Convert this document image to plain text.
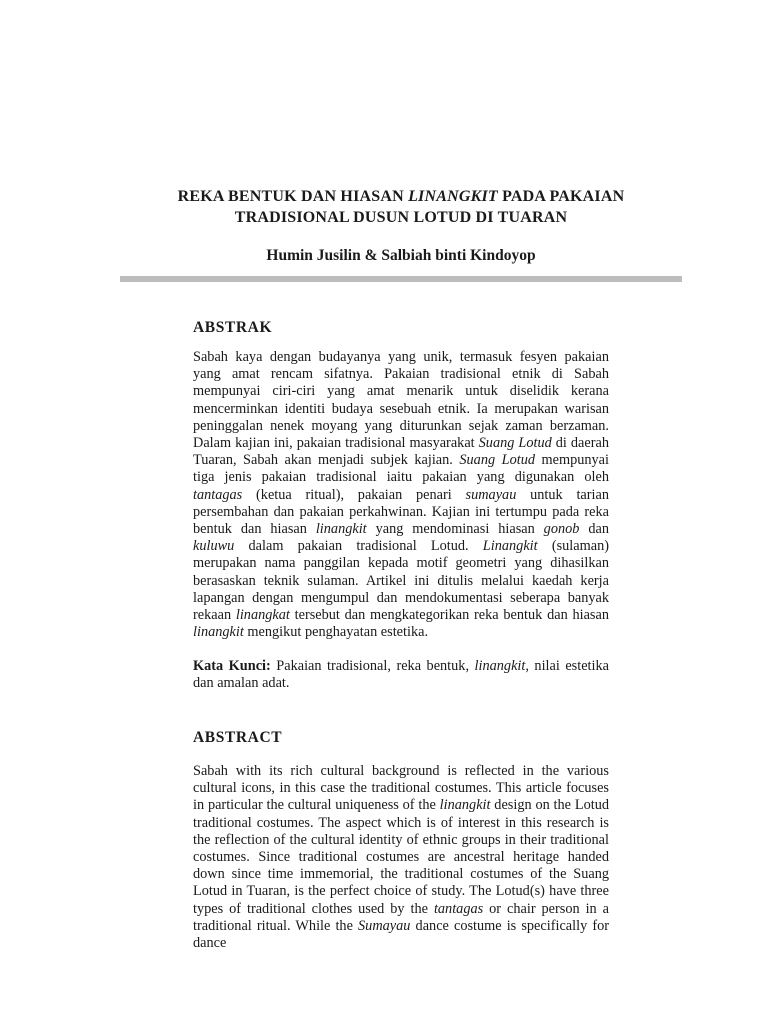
REKA BENTUK DAN HIASAN LINANGKIT PADA PAKAIAN
TRADISIONAL DUSUN LOTUD DI TUARAN
Humin Jusilin & Salbiah binti Kindoyop
ABSTRAK

Sabah kaya dengan budayanya yang unik, termasuk fesyen pakaian yang amat rencam sifatnya. Pakaian tradisional etnik di Sabah mempunyai ciri-ciri yang amat menarik untuk diselidik kerana mencerminkan identiti budaya sesebuah etnik. Ia merupakan warisan peninggalan nenek moyang yang diturunkan sejak zaman berzaman. Dalam kajian ini, pakaian tradisional masyarakat Suang Lotud di daerah Tuaran, Sabah akan menjadi subjek kajian. Suang Lotud mempunyai tiga jenis pakaian tradisional iaitu pakaian yang digunakan oleh tantagas (ketua ritual), pakaian penari sumayau untuk tarian persembahan dan pakaian perkahwinan. Kajian ini tertumpu pada reka bentuk dan hiasan linangkit yang mendominasi hiasan gonob dan kuluwu dalam pakaian tradisional Lotud. Linangkit (sulaman) merupakan nama panggilan kepada motif geometri yang dihasilkan berasaskan teknik sulaman. Artikel ini ditulis melalui kaedah kerja lapangan dengan mengumpul dan mendokumentasi seberapa banyak rekaan linangkat tersebut dan mengkategorikan reka bentuk dan hiasan linangkit mengikut penghayatan estetika.

Kata Kunci: Pakaian tradisional, reka bentuk, linangkit, nilai estetika dan amalan adat.

ABSTRACT

Sabah with its rich cultural background is reflected in the various cultural icons, in this case the traditional costumes. This article focuses in particular the cultural uniqueness of the linangkit design on the Lotud traditional costumes. The aspect which is of interest in this research is the reflection of the cultural identity of ethnic groups in their traditional costumes. Since traditional costumes are ancestral heritage handed down since time immemorial, the traditional costumes of the Suang Lotud in Tuaran, is the perfect choice of study. The Lotud(s) have three types of traditional clothes used by the tantagas or chair person in a traditional ritual. While the Sumayau dance costume is specifically for dance
